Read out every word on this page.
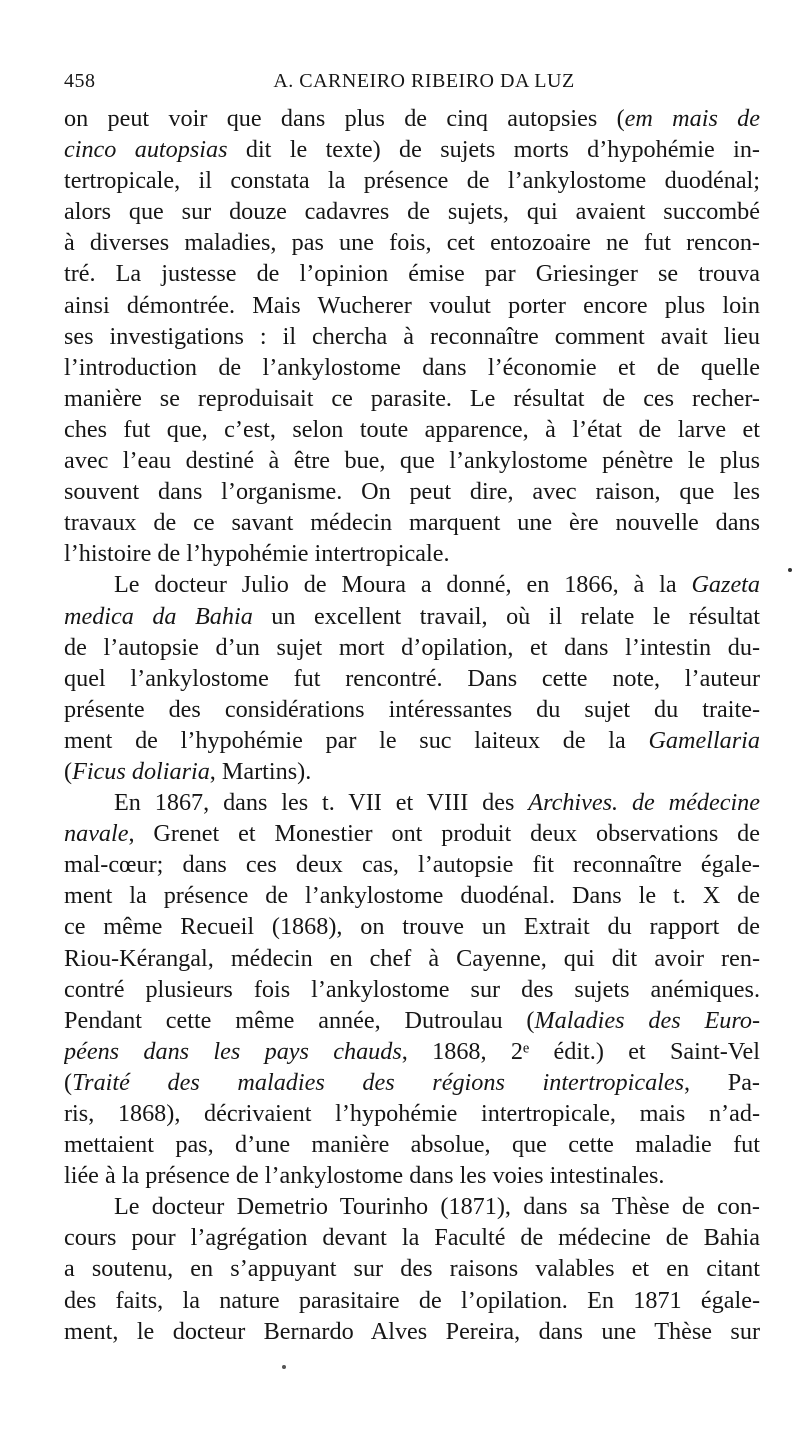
458	A. CARNEIRO RIBEIRO DA LUZ
on peut voir que dans plus de cinq autopsies (em mais de
cinco autopsias dit le texte) de sujets morts d’hypohémie in-
tertropicale, il constata la présence de l’ankylostome duodénal;
alors que sur douze cadavres de sujets, qui avaient succombé
à diverses maladies, pas une fois, cet entozoaire ne fut rencon-
tré. La justesse de l’opinion émise par Griesinger se trouva
ainsi démontrée. Mais Wucherer voulut porter encore plus loin
ses investigations : il chercha à reconnaître comment avait lieu
l’introduction de l’ankylostome dans l’économie et de quelle
manière se reproduisait ce parasite. Le résultat de ces recher-
ches fut que, c’est, selon toute apparence, à l’état de larve et
avec l’eau destiné à être bue, que l’ankylostome pénètre le plus
souvent dans l’organisme. On peut dire, avec raison, que les
travaux de ce savant médecin marquent une ère nouvelle dans
l’histoire de l’hypohémie intertropicale.
Le docteur Julio de Moura a donné, en 1866, à la Gazeta
medica da Bahia un excellent travail, où il relate le résultat
de l’autopsie d’un sujet mort d’opilation, et dans l’intestin du-
quel l’ankylostome fut rencontré. Dans cette note, l’auteur
présente des considérations intéressantes du sujet du traite-
ment de l’hypohémie par le suc laiteux de la Gamellaria
(Ficus doliaria, Martins).
En 1867, dans les t. VII et VIII des Archives. de médecine
navale, Grenet et Monestier ont produit deux observations de
mal-cœur; dans ces deux cas, l’autopsie fit reconnaître égale-
ment la présence de l’ankylostome duodénal. Dans le t. X de
ce même Recueil (1868), on trouve un Extrait du rapport de
Riou-Kérangal, médecin en chef à Cayenne, qui dit avoir ren-
contré plusieurs fois l’ankylostome sur des sujets anémiques.
Pendant cette même année, Dutroulau (Maladies des Euro-
péens dans les pays chauds, 1868, 2ᵉ édit.) et Saint-Vel
(Traité des maladies des régions intertropicales, Pa-
ris, 1868), décrivaient l’hypohémie intertropicale, mais n’ad-
mettaient pas, d’une manière absolue, que cette maladie fut
liée à la présence de l’ankylostome dans les voies intestinales.
Le docteur Demetrio Tourinho (1871), dans sa Thèse de con-
cours pour l’agrégation devant la Faculté de médecine de Bahia
a soutenu, en s’appuyant sur des raisons valables et en citant
des faits, la nature parasitaire de l’opilation. En 1871 égale-
ment, le docteur Bernardo Alves Pereira, dans une Thèse sur
